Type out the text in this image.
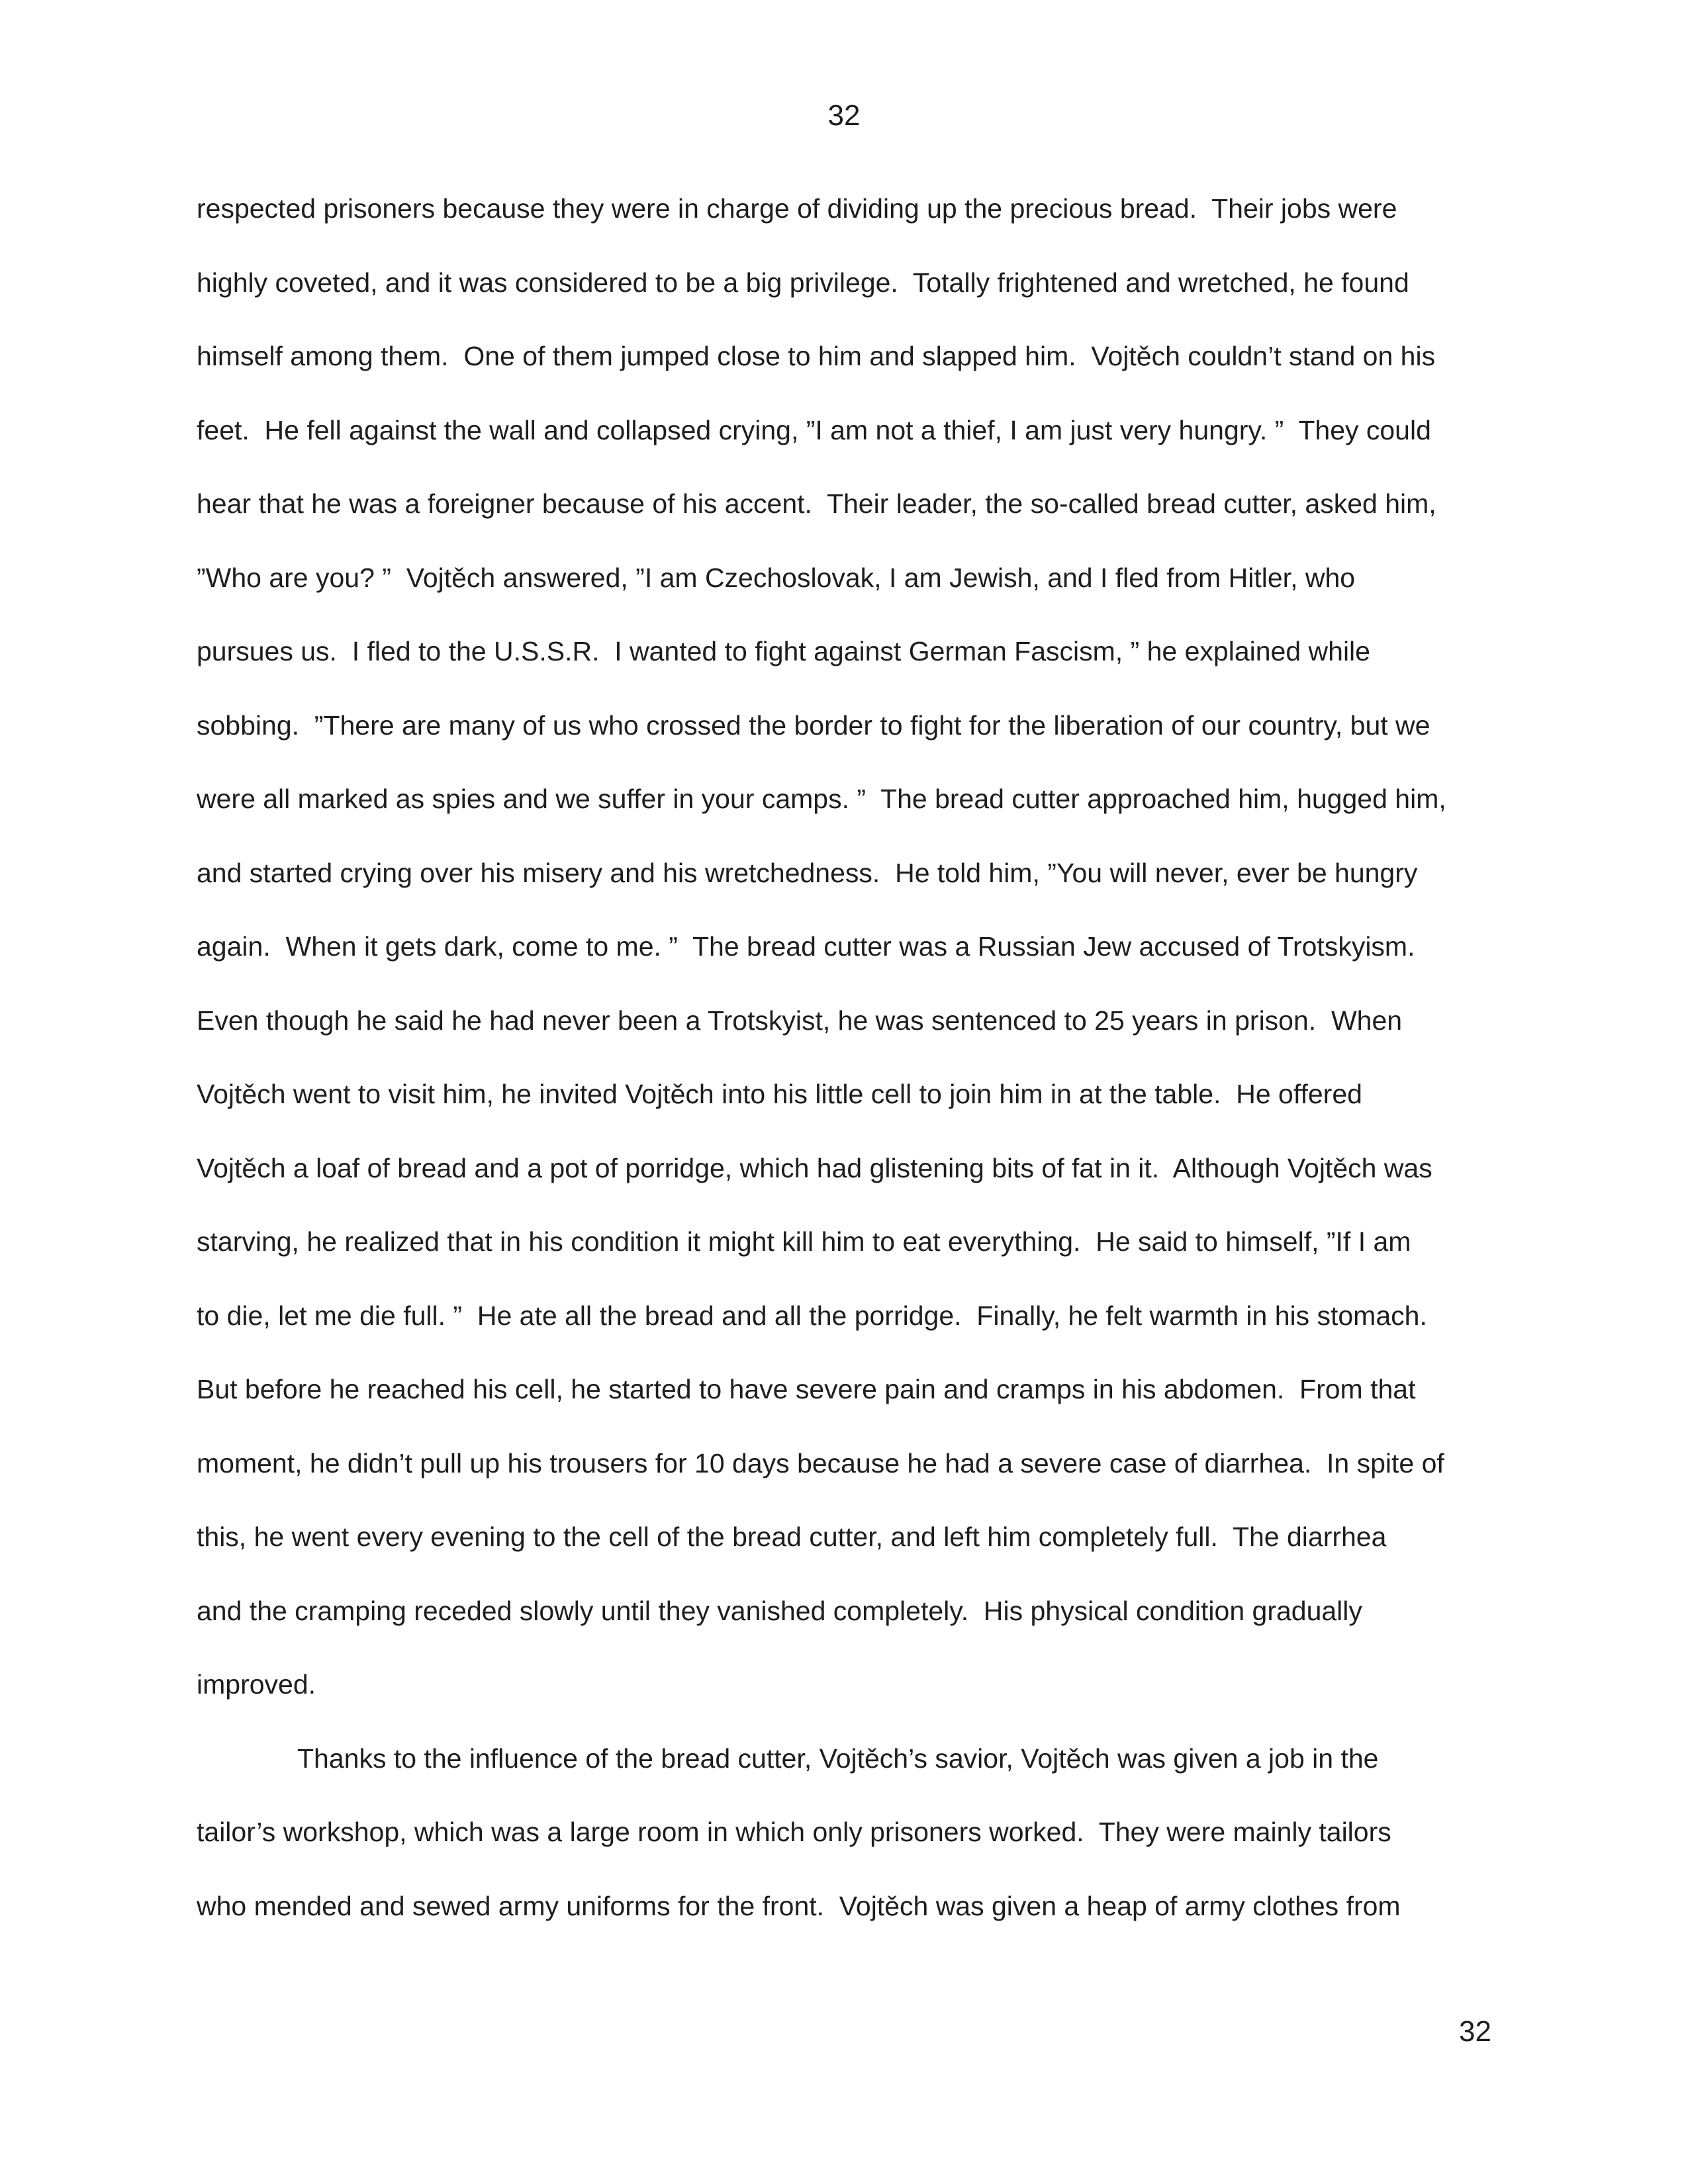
32
respected prisoners because they were in charge of dividing up the precious bread.  Their jobs were
highly coveted, and it was considered to be a big privilege.  Totally frightened and wretched, he found
himself among them.  One of them jumped close to him and slapped him.  Vojtěch couldn’t stand on his
feet.  He fell against the wall and collapsed crying, ”I am not a thief, I am just very hungry. ”  They could
hear that he was a foreigner because of his accent.  Their leader, the so-called bread cutter, asked him,
”Who are you? ”  Vojtěch answered, ”I am Czechoslovak, I am Jewish, and I fled from Hitler, who
pursues us.  I fled to the U.S.S.R.  I wanted to fight against German Fascism, ” he explained while
sobbing.  ”There are many of us who crossed the border to fight for the liberation of our country, but we
were all marked as spies and we suffer in your camps. ”  The bread cutter approached him, hugged him,
and started crying over his misery and his wretchedness.  He told him, ”You will never, ever be hungry
again.  When it gets dark, come to me. ”  The bread cutter was a Russian Jew accused of Trotskyism.
Even though he said he had never been a Trotskyist, he was sentenced to 25 years in prison.  When
Vojtěch went to visit him, he invited Vojtěch into his little cell to join him in at the table.  He offered
Vojtěch a loaf of bread and a pot of porridge, which had glistening bits of fat in it.  Although Vojtěch was
starving, he realized that in his condition it might kill him to eat everything.  He said to himself, ”If I am
to die, let me die full. ”  He ate all the bread and all the porridge.  Finally, he felt warmth in his stomach.
But before he reached his cell, he started to have severe pain and cramps in his abdomen.  From that
moment, he didn’t pull up his trousers for 10 days because he had a severe case of diarrhea.  In spite of
this, he went every evening to the cell of the bread cutter, and left him completely full.  The diarrhea
and the cramping receded slowly until they vanished completely.  His physical condition gradually
improved.
Thanks to the influence of the bread cutter, Vojtěch’s savior, Vojtěch was given a job in the
tailor’s workshop, which was a large room in which only prisoners worked.  They were mainly tailors
who mended and sewed army uniforms for the front.  Vojtěch was given a heap of army clothes from
32
